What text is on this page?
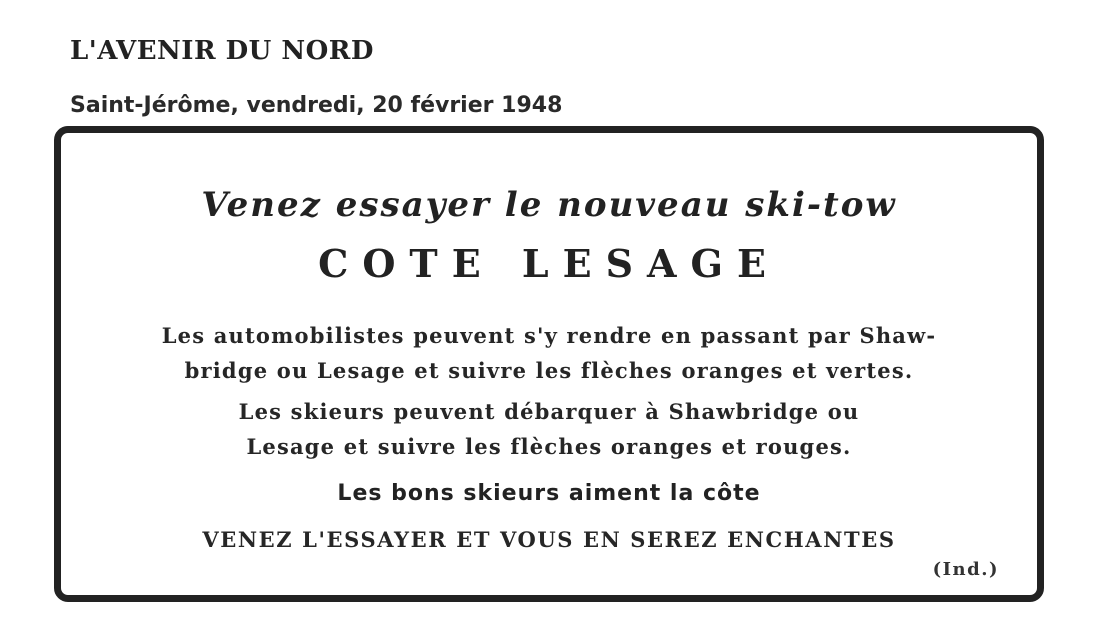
L'AVENIR DU NORD
Saint-Jérôme, vendredi, 20 février 1948
Venez essayer le nouveau ski-tow
COTE LESAGE
Les automobilistes peuvent s'y rendre en passant par Shaw-
bridge ou Lesage et suivre les flèches oranges et vertes.
Les skieurs peuvent débarquer à Shawbridge ou
Lesage et suivre les flèches oranges et rouges.
Les bons skieurs aiment la côte
VENEZ L'ESSAYER ET VOUS EN SEREZ ENCHANTES
(Ind.)
